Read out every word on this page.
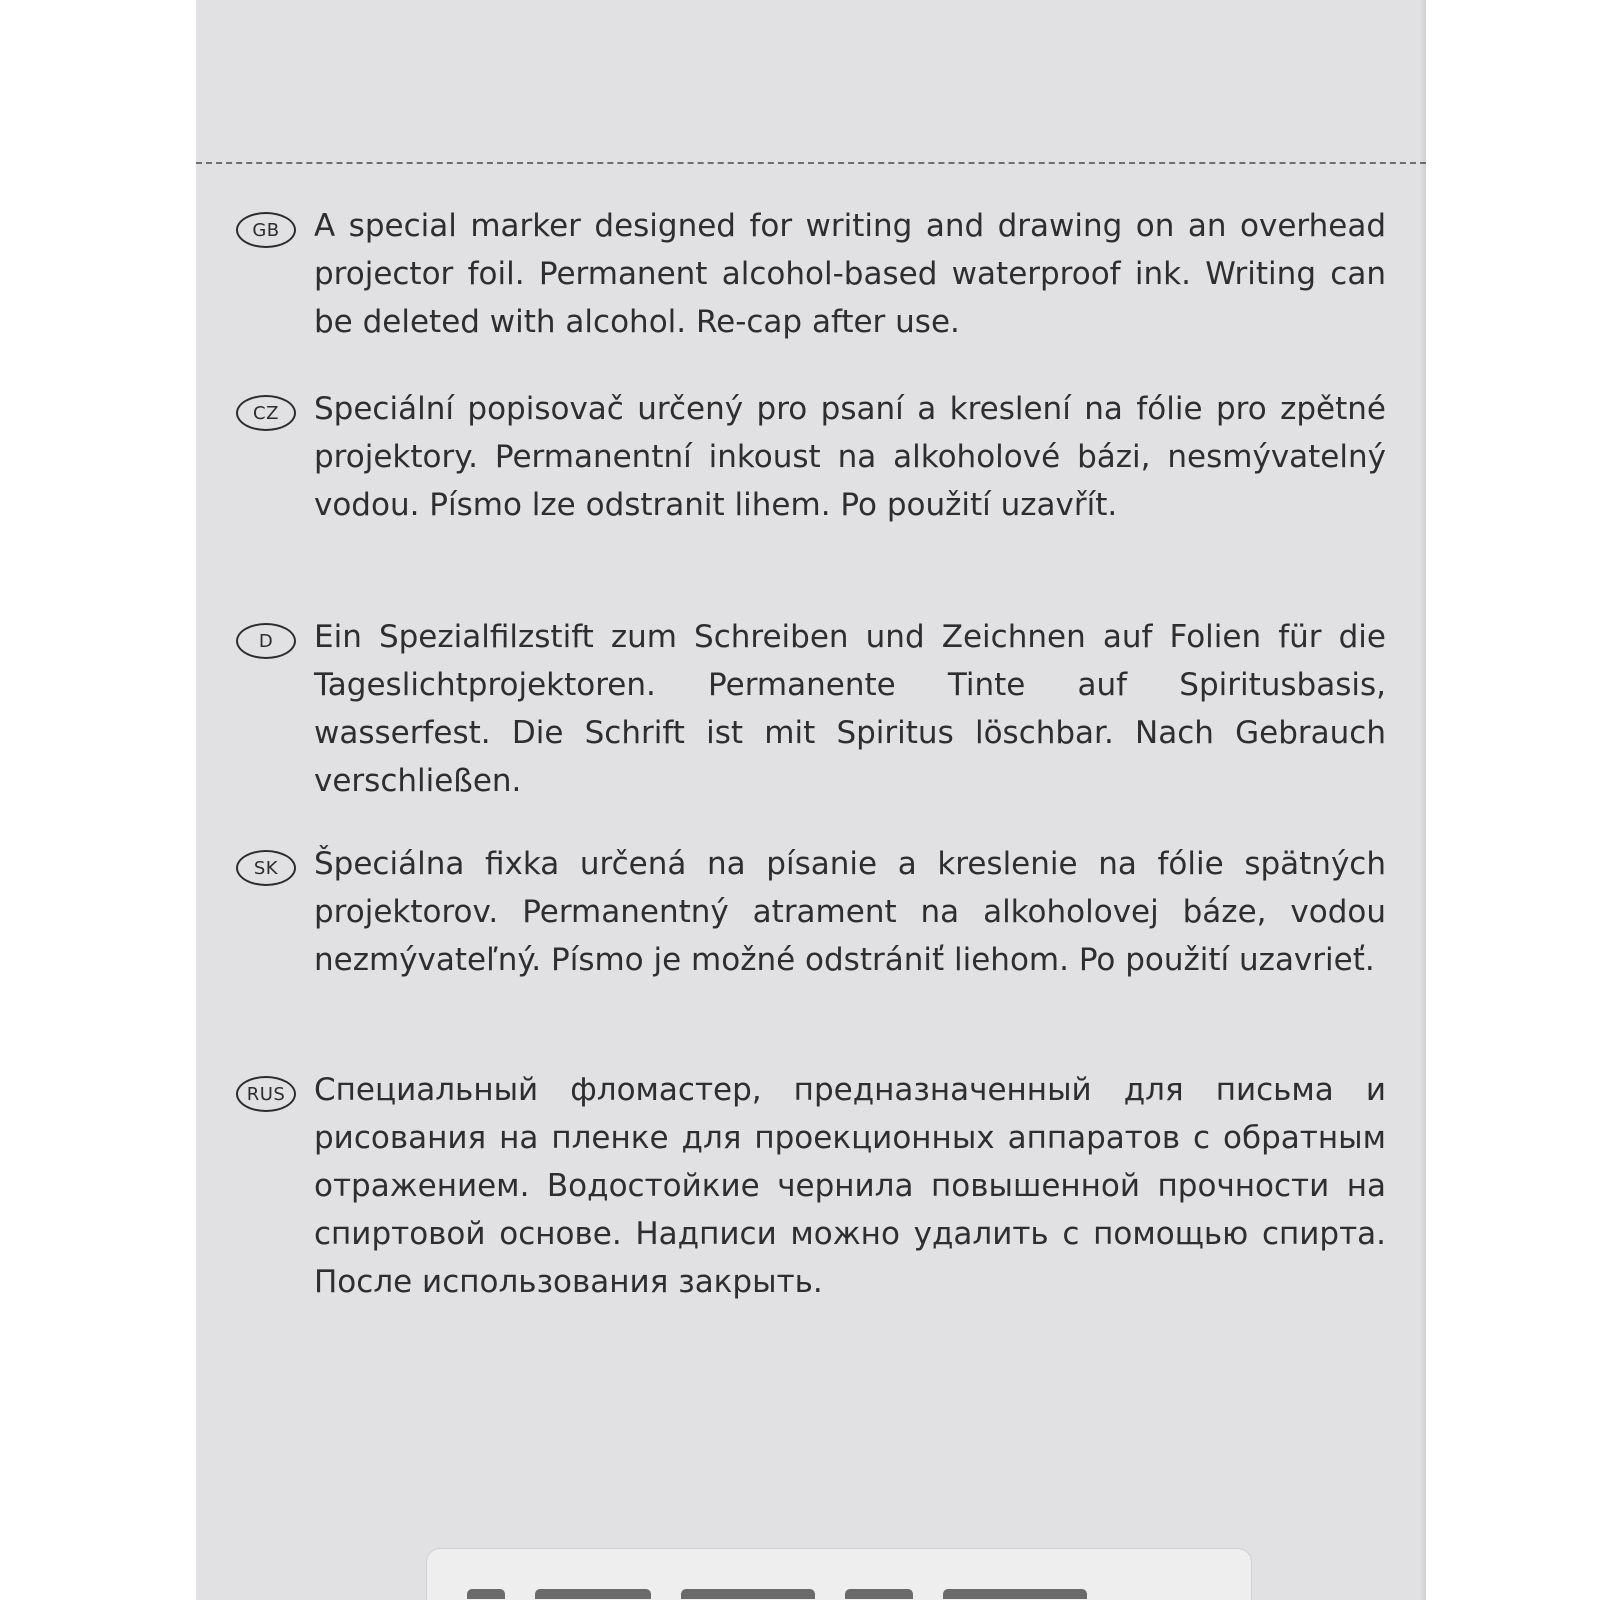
GB	A special marker designed for writing and drawing on an overhead projector foil. Permanent alcohol-based waterproof ink. Writing can be deleted with alcohol. Re-cap after use.

CZ	Speciální popisovač určený pro psaní a kreslení na fólie pro zpětné projektory. Permanentní inkoust na alkoholové bázi, nesmývatelný vodou. Písmo lze odstranit lihem. Po použití uzavřít.

D	Ein Spezialfilzstift zum Schreiben und Zeichnen auf Folien für die Tageslichtprojektoren. Permanente Tinte auf Spiritusbasis, wasserfest. Die Schrift ist mit Spiritus löschbar. Nach Gebrauch verschließen.

SK	Špeciálna fixka určená na písanie a kreslenie na fólie spätných projektorov. Permanentný atrament na alkoholovej báze, vodou nezmývateľný. Písmo je možné odstrániť liehom. Po použití uzavrieť.

RUS Специальный фломастер, предназначенный для письма и рисования на пленке для проекционных аппаратов с обратным отражением. Водостойкие чернила повышенной прочности на спиртовой основе. Надписи можно удалить с помощью спирта. После использования закрыть.
